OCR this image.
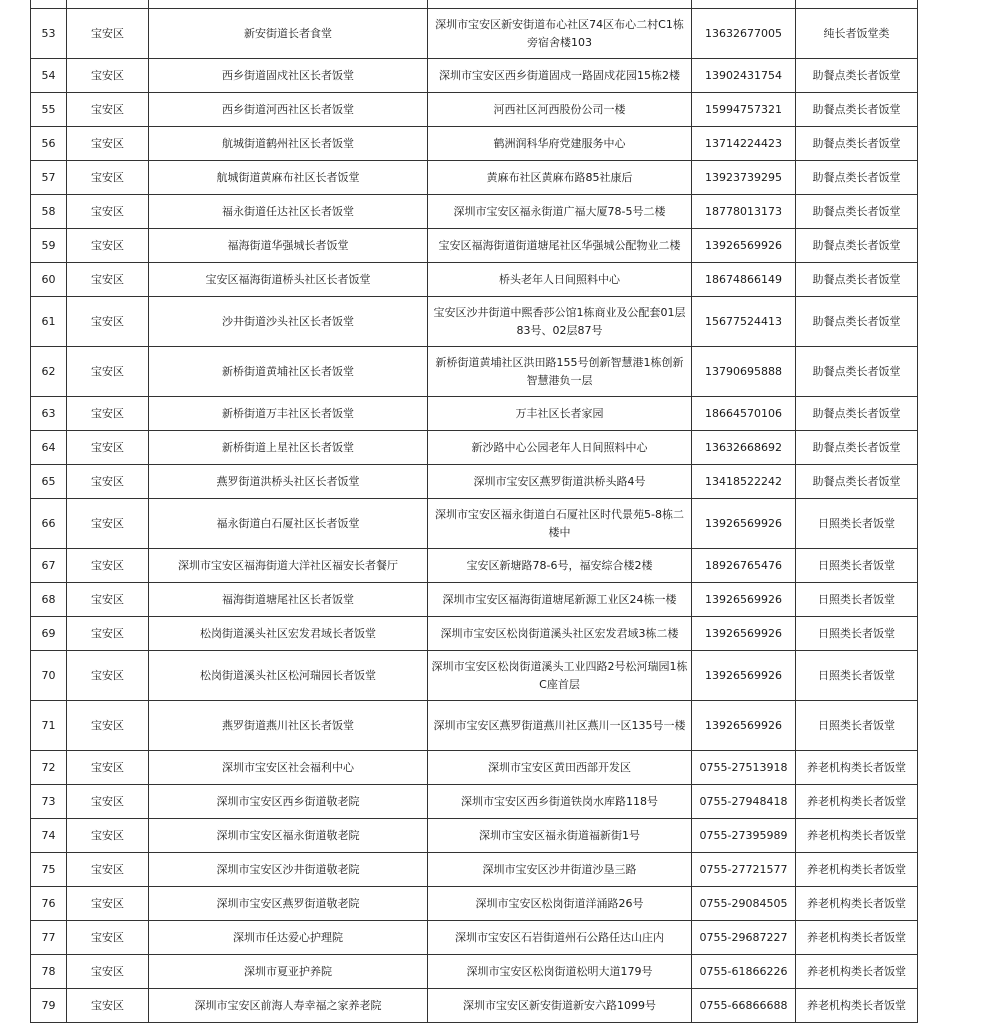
53	宝安区	新安街道长者食堂	深圳市宝安区新安街道布心社区74区布心二村C1栋旁宿舍楼103	13632677005	纯长者饭堂类
54	宝安区	西乡街道固戍社区长者饭堂	深圳市宝安区西乡街道固戍一路固戍花园15栋2楼	13902431754	助餐点类长者饭堂
55	宝安区	西乡街道河西社区长者饭堂	河西社区河西股份公司一楼	15994757321	助餐点类长者饭堂
56	宝安区	航城街道鹤州社区长者饭堂	鹤洲润科华府党建服务中心	13714224423	助餐点类长者饭堂
57	宝安区	航城街道黄麻布社区长者饭堂	黄麻布社区黄麻布路85社康后	13923739295	助餐点类长者饭堂
58	宝安区	福永街道任达社区长者饭堂	深圳市宝安区福永街道广福大厦78-5号二楼	18778013173	助餐点类长者饭堂
59	宝安区	福海街道华强城长者饭堂	宝安区福海街道街道塘尾社区华强城公配物业二楼	13926569926	助餐点类长者饭堂
60	宝安区	宝安区福海街道桥头社区长者饭堂	桥头老年人日间照料中心	18674866149	助餐点类长者饭堂
61	宝安区	沙井街道沙头社区长者饭堂	宝安区沙井街道中熙香莎公馆1栋商业及公配套01层83号、02层87号	15677524413	助餐点类长者饭堂
62	宝安区	新桥街道黄埔社区长者饭堂	新桥街道黄埔社区洪田路155号创新智慧港1栋创新智慧港负一层	13790695888	助餐点类长者饭堂
63	宝安区	新桥街道万丰社区长者饭堂	万丰社区长者家园	18664570106	助餐点类长者饭堂
64	宝安区	新桥街道上星社区长者饭堂	新沙路中心公园老年人日间照料中心	13632668692	助餐点类长者饭堂
65	宝安区	燕罗街道洪桥头社区长者饭堂	深圳市宝安区燕罗街道洪桥头路4号	13418522242	助餐点类长者饭堂
66	宝安区	福永街道白石厦社区长者饭堂	深圳市宝安区福永街道白石厦社区时代景苑5-8栋二楼中	13926569926	日照类长者饭堂
67	宝安区	深圳市宝安区福海街道大洋社区福安长者餐厅	宝安区新塘路78-6号，福安综合楼2楼	18926765476	日照类长者饭堂
68	宝安区	福海街道塘尾社区长者饭堂	深圳市宝安区福海街道塘尾新源工业区24栋一楼	13926569926	日照类长者饭堂
69	宝安区	松岗街道溪头社区宏发君域长者饭堂	深圳市宝安区松岗街道溪头社区宏发君域3栋二楼	13926569926	日照类长者饭堂
70	宝安区	松岗街道溪头社区松河瑞园长者饭堂	深圳市宝安区松岗街道溪头工业四路2号松河瑞园1栋C座首层	13926569926	日照类长者饭堂
71	宝安区	燕罗街道燕川社区长者饭堂	深圳市宝安区燕罗街道燕川社区燕川一区135号一楼	13926569926	日照类长者饭堂
72	宝安区	深圳市宝安区社会福利中心	深圳市宝安区黄田西部开发区	0755-27513918	养老机构类长者饭堂
73	宝安区	深圳市宝安区西乡街道敬老院	深圳市宝安区西乡街道铁岗水库路118号	0755-27948418	养老机构类长者饭堂
74	宝安区	深圳市宝安区福永街道敬老院	深圳市宝安区福永街道福新街1号	0755-27395989	养老机构类长者饭堂
75	宝安区	深圳市宝安区沙井街道敬老院	深圳市宝安区沙井街道沙垦三路	0755-27721577	养老机构类长者饭堂
76	宝安区	深圳市宝安区燕罗街道敬老院	深圳市宝安区松岗街道洋涌路26号	0755-29084505	养老机构类长者饭堂
77	宝安区	深圳市任达爱心护理院	深圳市宝安区石岩街道州石公路任达山庄内	0755-29687227	养老机构类长者饭堂
78	宝安区	深圳市夏亚护养院	深圳市宝安区松岗街道松明大道179号	0755-61866226	养老机构类长者饭堂
79	宝安区	深圳市宝安区前海人寿幸福之家养老院	深圳市宝安区新安街道新安六路1099号	0755-66866688	养老机构类长者饭堂
